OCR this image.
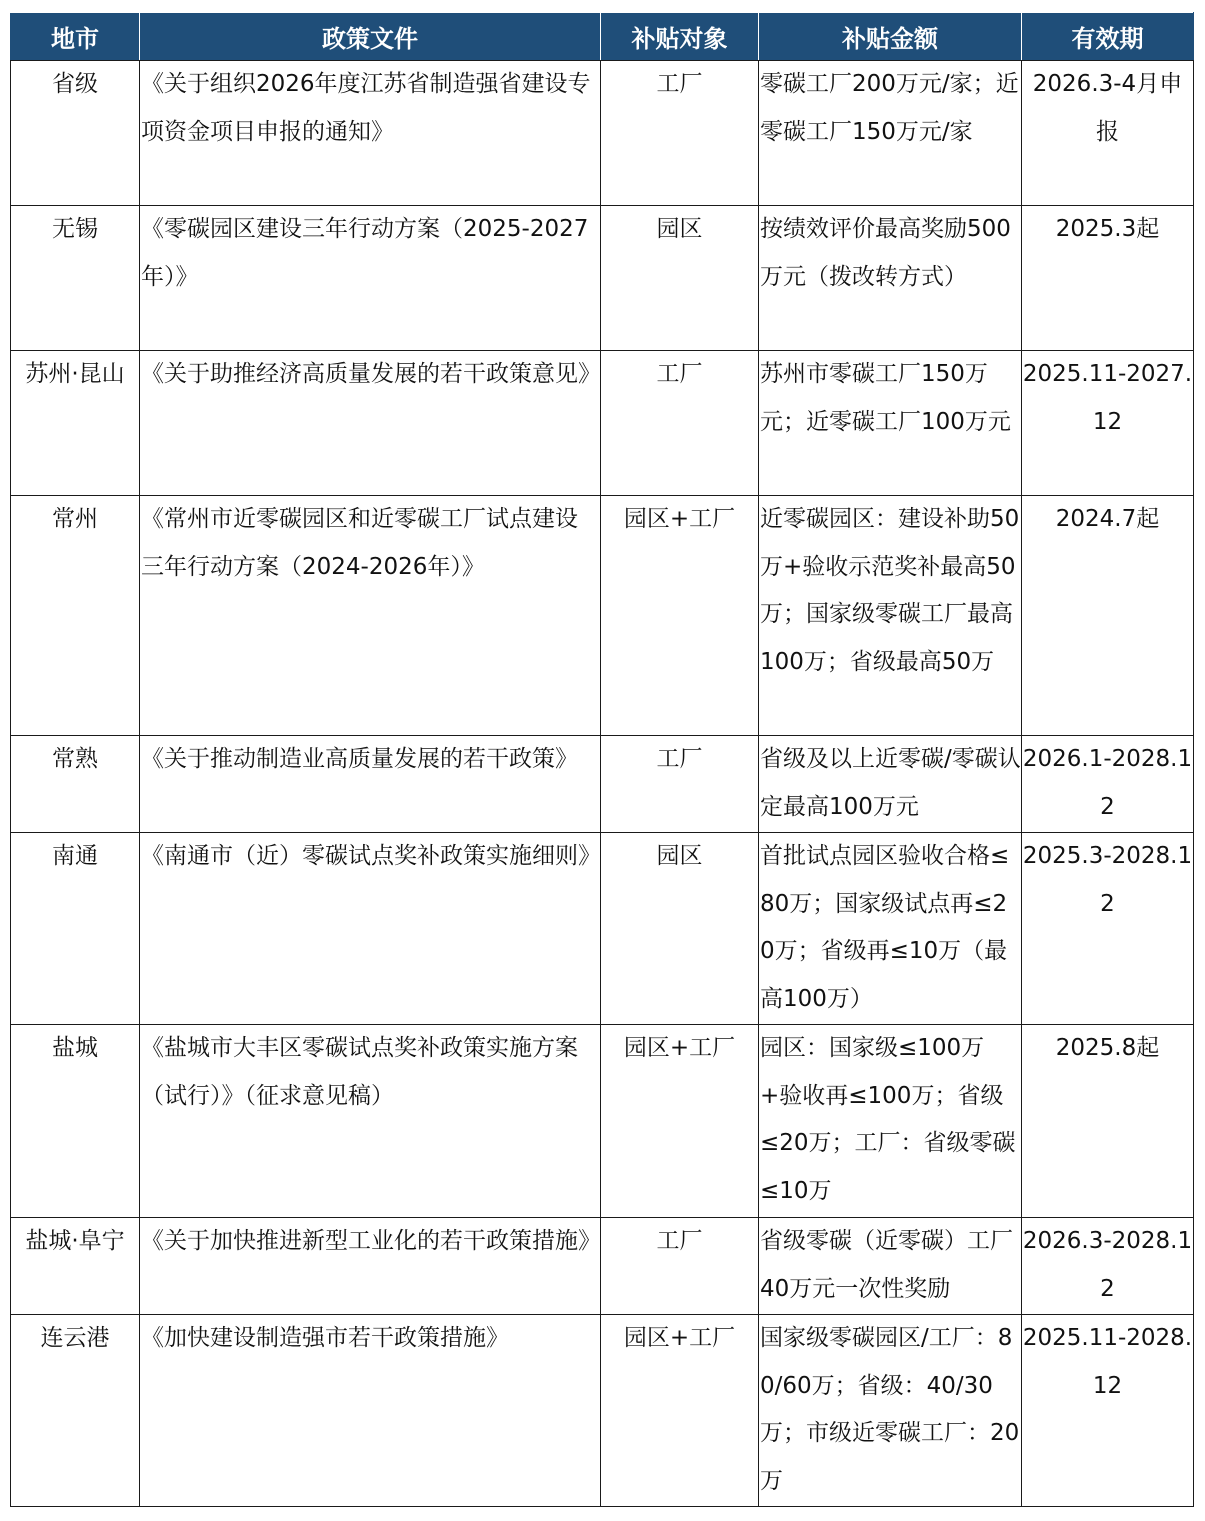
地市	政策文件	补贴对象	补贴金额	有效期
省级	《关于组织2026年度江苏省制造强省建设专项资金项目申报的通知》	工厂	零碳工厂200万元/家；近零碳工厂150万元/家	2026.3-4月申报
无锡	《零碳园区建设三年行动方案（2025-2027年）》	园区	按绩效评价最高奖励500万元（拨改转方式）	2025.3起
苏州·昆山	《关于助推经济高质量发展的若干政策意见》	工厂	苏州市零碳工厂150万元；近零碳工厂100万元	2025.11-2027.12
常州	《常州市近零碳园区和近零碳工厂试点建设三年行动方案（2024-2026年）》	园区+工厂	近零碳园区：建设补助50万+验收示范奖补最高50万；国家级零碳工厂最高100万；省级最高50万	2024.7起
常熟	《关于推动制造业高质量发展的若干政策》	工厂	省级及以上近零碳/零碳认定最高100万元	2026.1-2028.12
南通	《南通市（近）零碳试点奖补政策实施细则》	园区	首批试点园区验收合格≤80万；国家级试点再≤20万；省级再≤10万（最高100万）	2025.3-2028.12
盐城	《盐城市大丰区零碳试点奖补政策实施方案（试行）》（征求意见稿）	园区+工厂	园区：国家级≤100万+验收再≤100万；省级≤20万；工厂：省级零碳≤10万	2025.8起
盐城·阜宁	《关于加快推进新型工业化的若干政策措施》	工厂	省级零碳（近零碳）工厂40万元一次性奖励	2026.3-2028.12
连云港	《加快建设制造强市若干政策措施》	园区+工厂	国家级零碳园区/工厂：80/60万；省级：40/30万；市级近零碳工厂：20万	2025.11-2028.12
